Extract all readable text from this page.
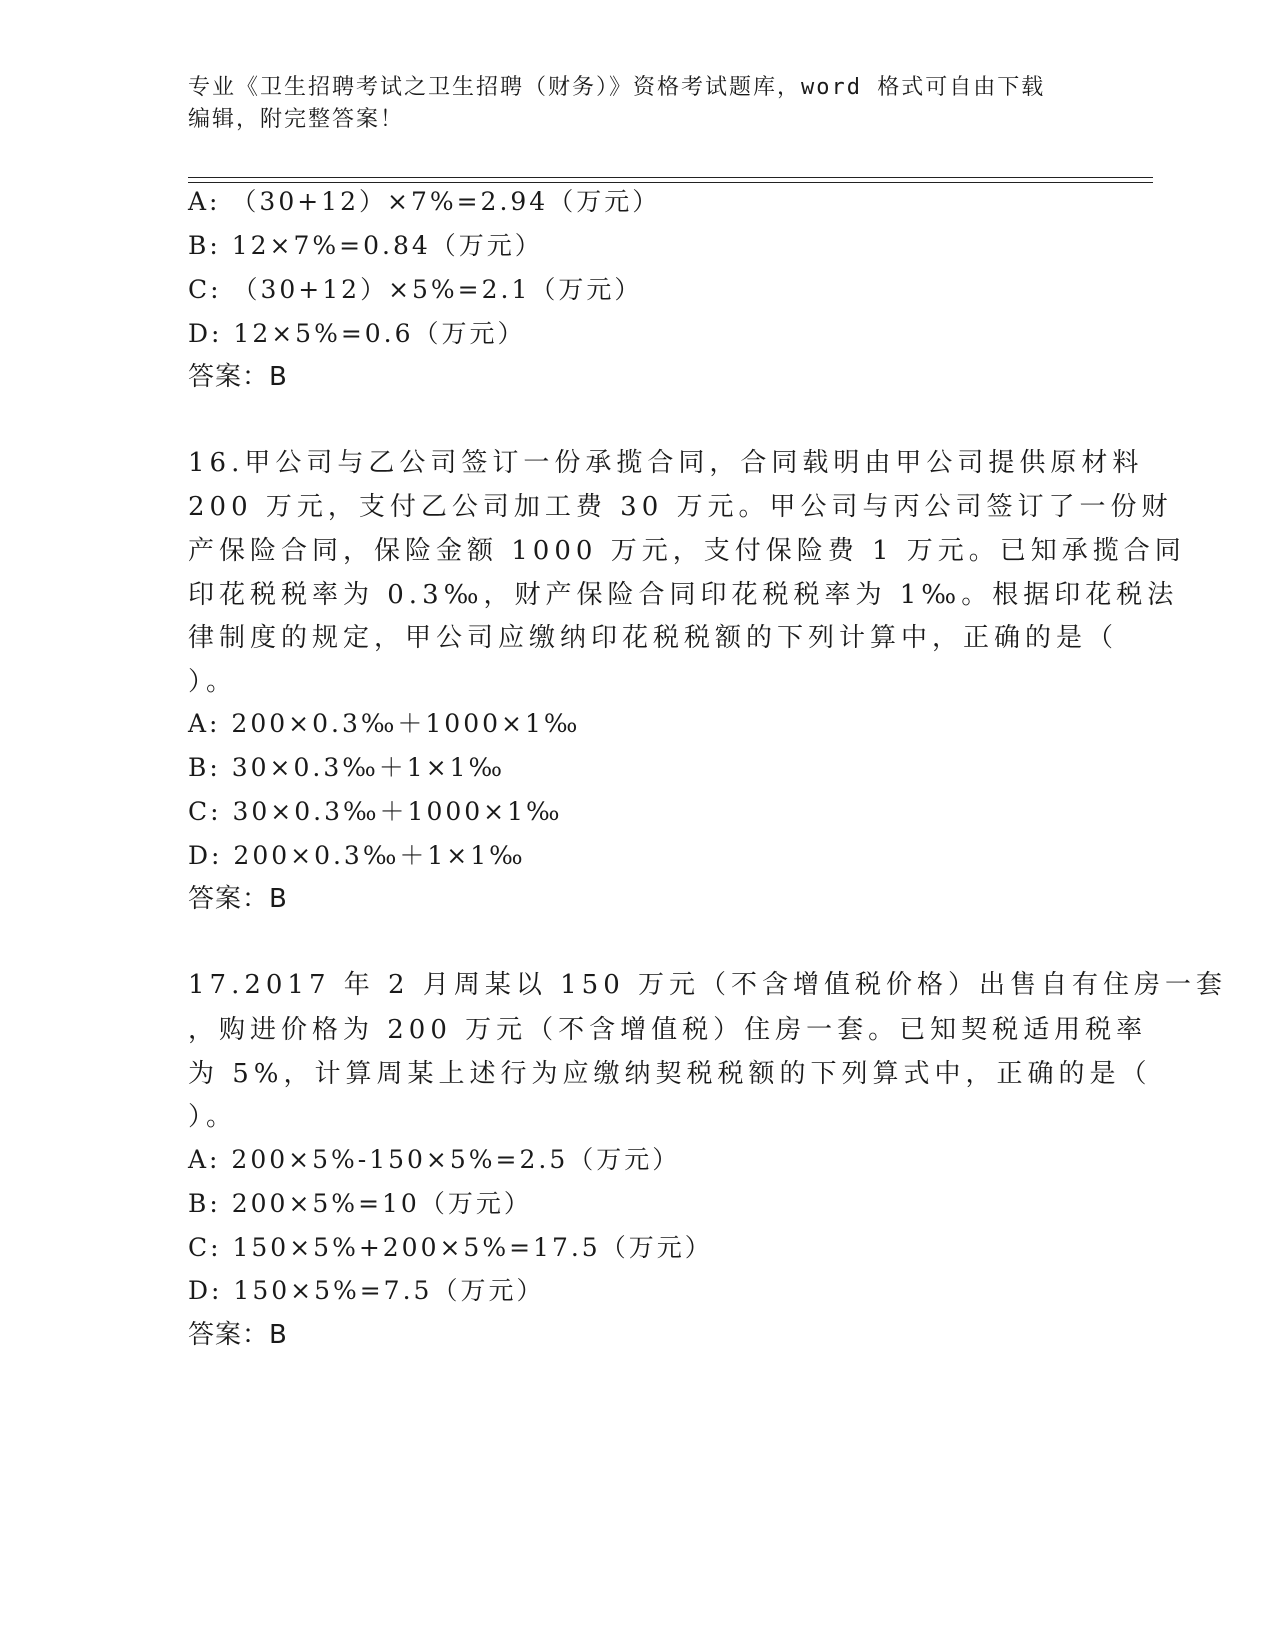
专业《卫生招聘考试之卫生招聘（财务）》资格考试题库，word 格式可自由下载
编辑，附完整答案！
A: （30+12）×7%=2.94（万元）
B: 12×7%=0.84（万元）
C: （30+12）×5%=2.1（万元）
D: 12×5%=0.6（万元）
答案：B
16.甲公司与乙公司签订一份承揽合同，合同载明由甲公司提供原材料
200 万元，支付乙公司加工费 30 万元。甲公司与丙公司签订了一份财
产保险合同，保险金额 1000 万元，支付保险费 1 万元。已知承揽合同
印花税税率为 0.3‰，财产保险合同印花税税率为 1‰。根据印花税法
律制度的规定，甲公司应缴纳印花税税额的下列计算中，正确的是（
）。
A: 200×0.3‰＋1000×1‰
B: 30×0.3‰＋1×1‰
C: 30×0.3‰＋1000×1‰
D: 200×0.3‰＋1×1‰
答案：B
17.2017 年 2 月周某以 150 万元（不含增值税价格）出售自有住房一套
，购进价格为 200 万元（不含增值税）住房一套。已知契税适用税率
为 5%，计算周某上述行为应缴纳契税税额的下列算式中，正确的是（
）。
A: 200×5%-150×5%=2.5（万元）
B: 200×5%=10（万元）
C: 150×5%+200×5%=17.5（万元）
D: 150×5%=7.5（万元）
答案：B
